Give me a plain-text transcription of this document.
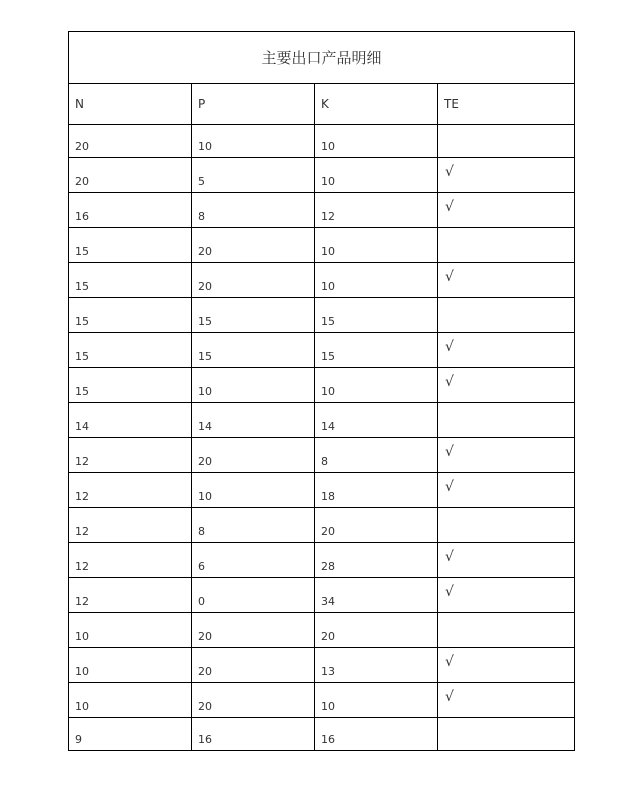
主要出口产品明细			
N	P	K	TE
20	10	10	
20	5	10	√
16	8	12	√
15	20	10	
15	20	10	√
15	15	15	
15	15	15	√
15	10	10	√
14	14	14	
12	20	8	√
12	10	18	√
12	8	20	
12	6	28	√
12	0	34	√
10	20	20	
10	20	13	√
10	20	10	√
9	16	16	
